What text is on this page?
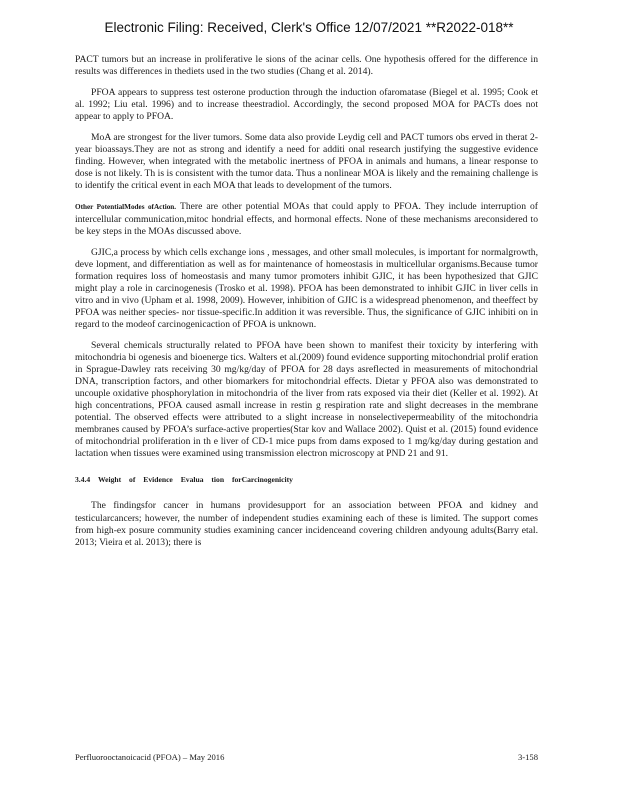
Electronic Filing: Received, Clerk's Office 12/07/2021 **R2022-018**

PACT tumors but an increase in proliferative le sions of the acinar cells. One hypothesis offered for the difference in results was differences in thediets used in the two studies (Chang et al. 2014).

PFOA appears to suppress test osterone production through the induction ofaromatase (Biegel et al. 1995; Cook et al. 1992; Liu etal. 1996) and to increase theestradiol. Accordingly, the second proposed MOA for PACTs does not appear to apply to PFOA.

MoA are strongest for the liver tumors. Some data also provide Leydig cell and PACT tumors obs erved in therat 2-year bioassays.They are not as strong and identify a need for additi onal research justifying the suggestive evidence finding. However, when integrated with the metabolic inertness of PFOA in animals and humans, a linear response to dose is not likely. Th is is consistent with the tumor data. Thus a nonlinear MOA is likely and the remaining challenge is to identify the critical event in each MOA that leads to development of the tumors.

Other PotentialModes ofAction. There are other potential MOAs that could apply to PFOA. They include interruption of intercellular communication,mitoc hondrial effects, and hormonal effects. None of these mechanisms areconsidered to be key steps in the MOAs discussed above.

GJIC,a process by which cells exchange ions , messages, and other small molecules, is important for normalgrowth, deve lopment, and differentiation as well as for maintenance of homeostasis in multicellular organisms.Because tumor formation requires loss of homeostasis and many tumor promoters inhibit GJIC, it has been hypothesized that GJIC might play a role in carcinogenesis (Trosko et al. 1998). PFOA has been demonstrated to inhibit GJIC in liver cells in vitro and in vivo (Upham et al. 1998, 2009). However, inhibition of GJIC is a widespread phenomenon, and theeffect by PFOA was neither species- nor tissue-specific.In addition it was reversible. Thus, the significance of GJIC inhibiti on in regard to the modeof carcinogenicaction of PFOA is unknown.

Several chemicals structurally related to PFOA have been shown to manifest their toxicity by interfering with mitochondria bi ogenesis and bioenerge tics. Walters et al.(2009) found evidence supporting mitochondrial prolif eration in Sprague-Dawley rats receiving 30 mg/kg/day of PFOA for 28 days asreflected in measurements of mitochondrial DNA, transcription factors, and other biomarkers for mitochondrial effects. Dietar y PFOA also was demonstrated to uncouple oxidative phosphorylation in mitochondria of the liver from rats exposed via their diet (Keller et al. 1992). At high concentrations, PFOA caused asmall increase in restin g respiration rate and slight decreases in the membrane potential. The observed effects were attributed to a slight increase in nonselectivepermeability of the mitochondria membranes caused by PFOA’s surface-active properties(Star kov and Wallace 2002). Quist et al. (2015) found evidence of mitochondrial proliferation in th e liver of CD-1 mice pups from dams exposed to 1 mg/kg/day during gestation and lactation when tissues were examined using transmission electron microscopy at PND 21 and 91.

3.4.4 Weight of Evidence Evalua tion forCarcinogenicity

The findingsfor cancer in humans providesupport for an association between PFOA and kidney and testicularcancers; however, the number of independent studies examining each of these is limited. The support comes from high-ex posure community studies examining cancer incidenceand covering children andyoung adults(Barry etal. 2013; Vieira et al. 2013); there is

Perfluorooctanoicacid (PFOA) – May 2016	3-158
